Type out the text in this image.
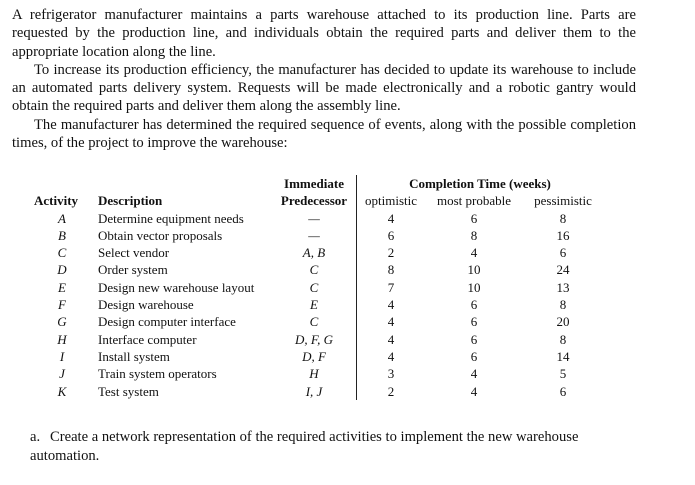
A refrigerator manufacturer maintains a parts warehouse attached to its production line. Parts are requested by the production line, and individuals obtain the required parts and deliver them to the appropriate location along the line.

To increase its production efficiency, the manufacturer has decided to update its warehouse to include an automated parts delivery system. Requests will be made electronically and a robotic gantry would obtain the required parts and deliver them along the assembly line.

The manufacturer has determined the required sequence of events, along with the possible completion times, of the project to improve the warehouse:

		Immediate	Completion Time (weeks)		
Activity	Description	Predecessor	optimistic	most probable	pessimistic
A	Determine equipment needs	—	4	6	8
B	Obtain vector proposals	—	6	8	16
C	Select vendor	A, B	2	4	6
D	Order system	C	8	10	24
E	Design new warehouse layout	C	7	10	13
F	Design warehouse	E	4	6	8
G	Design computer interface	C	4	6	20
H	Interface computer	D, F, G	4	6	8
I	Install system	D, F	4	6	14
J	Train system operators	H	3	4	5
K	Test system	I, J	2	4	6

a. Create a network representation of the required activities to implement the new warehouse automation.
